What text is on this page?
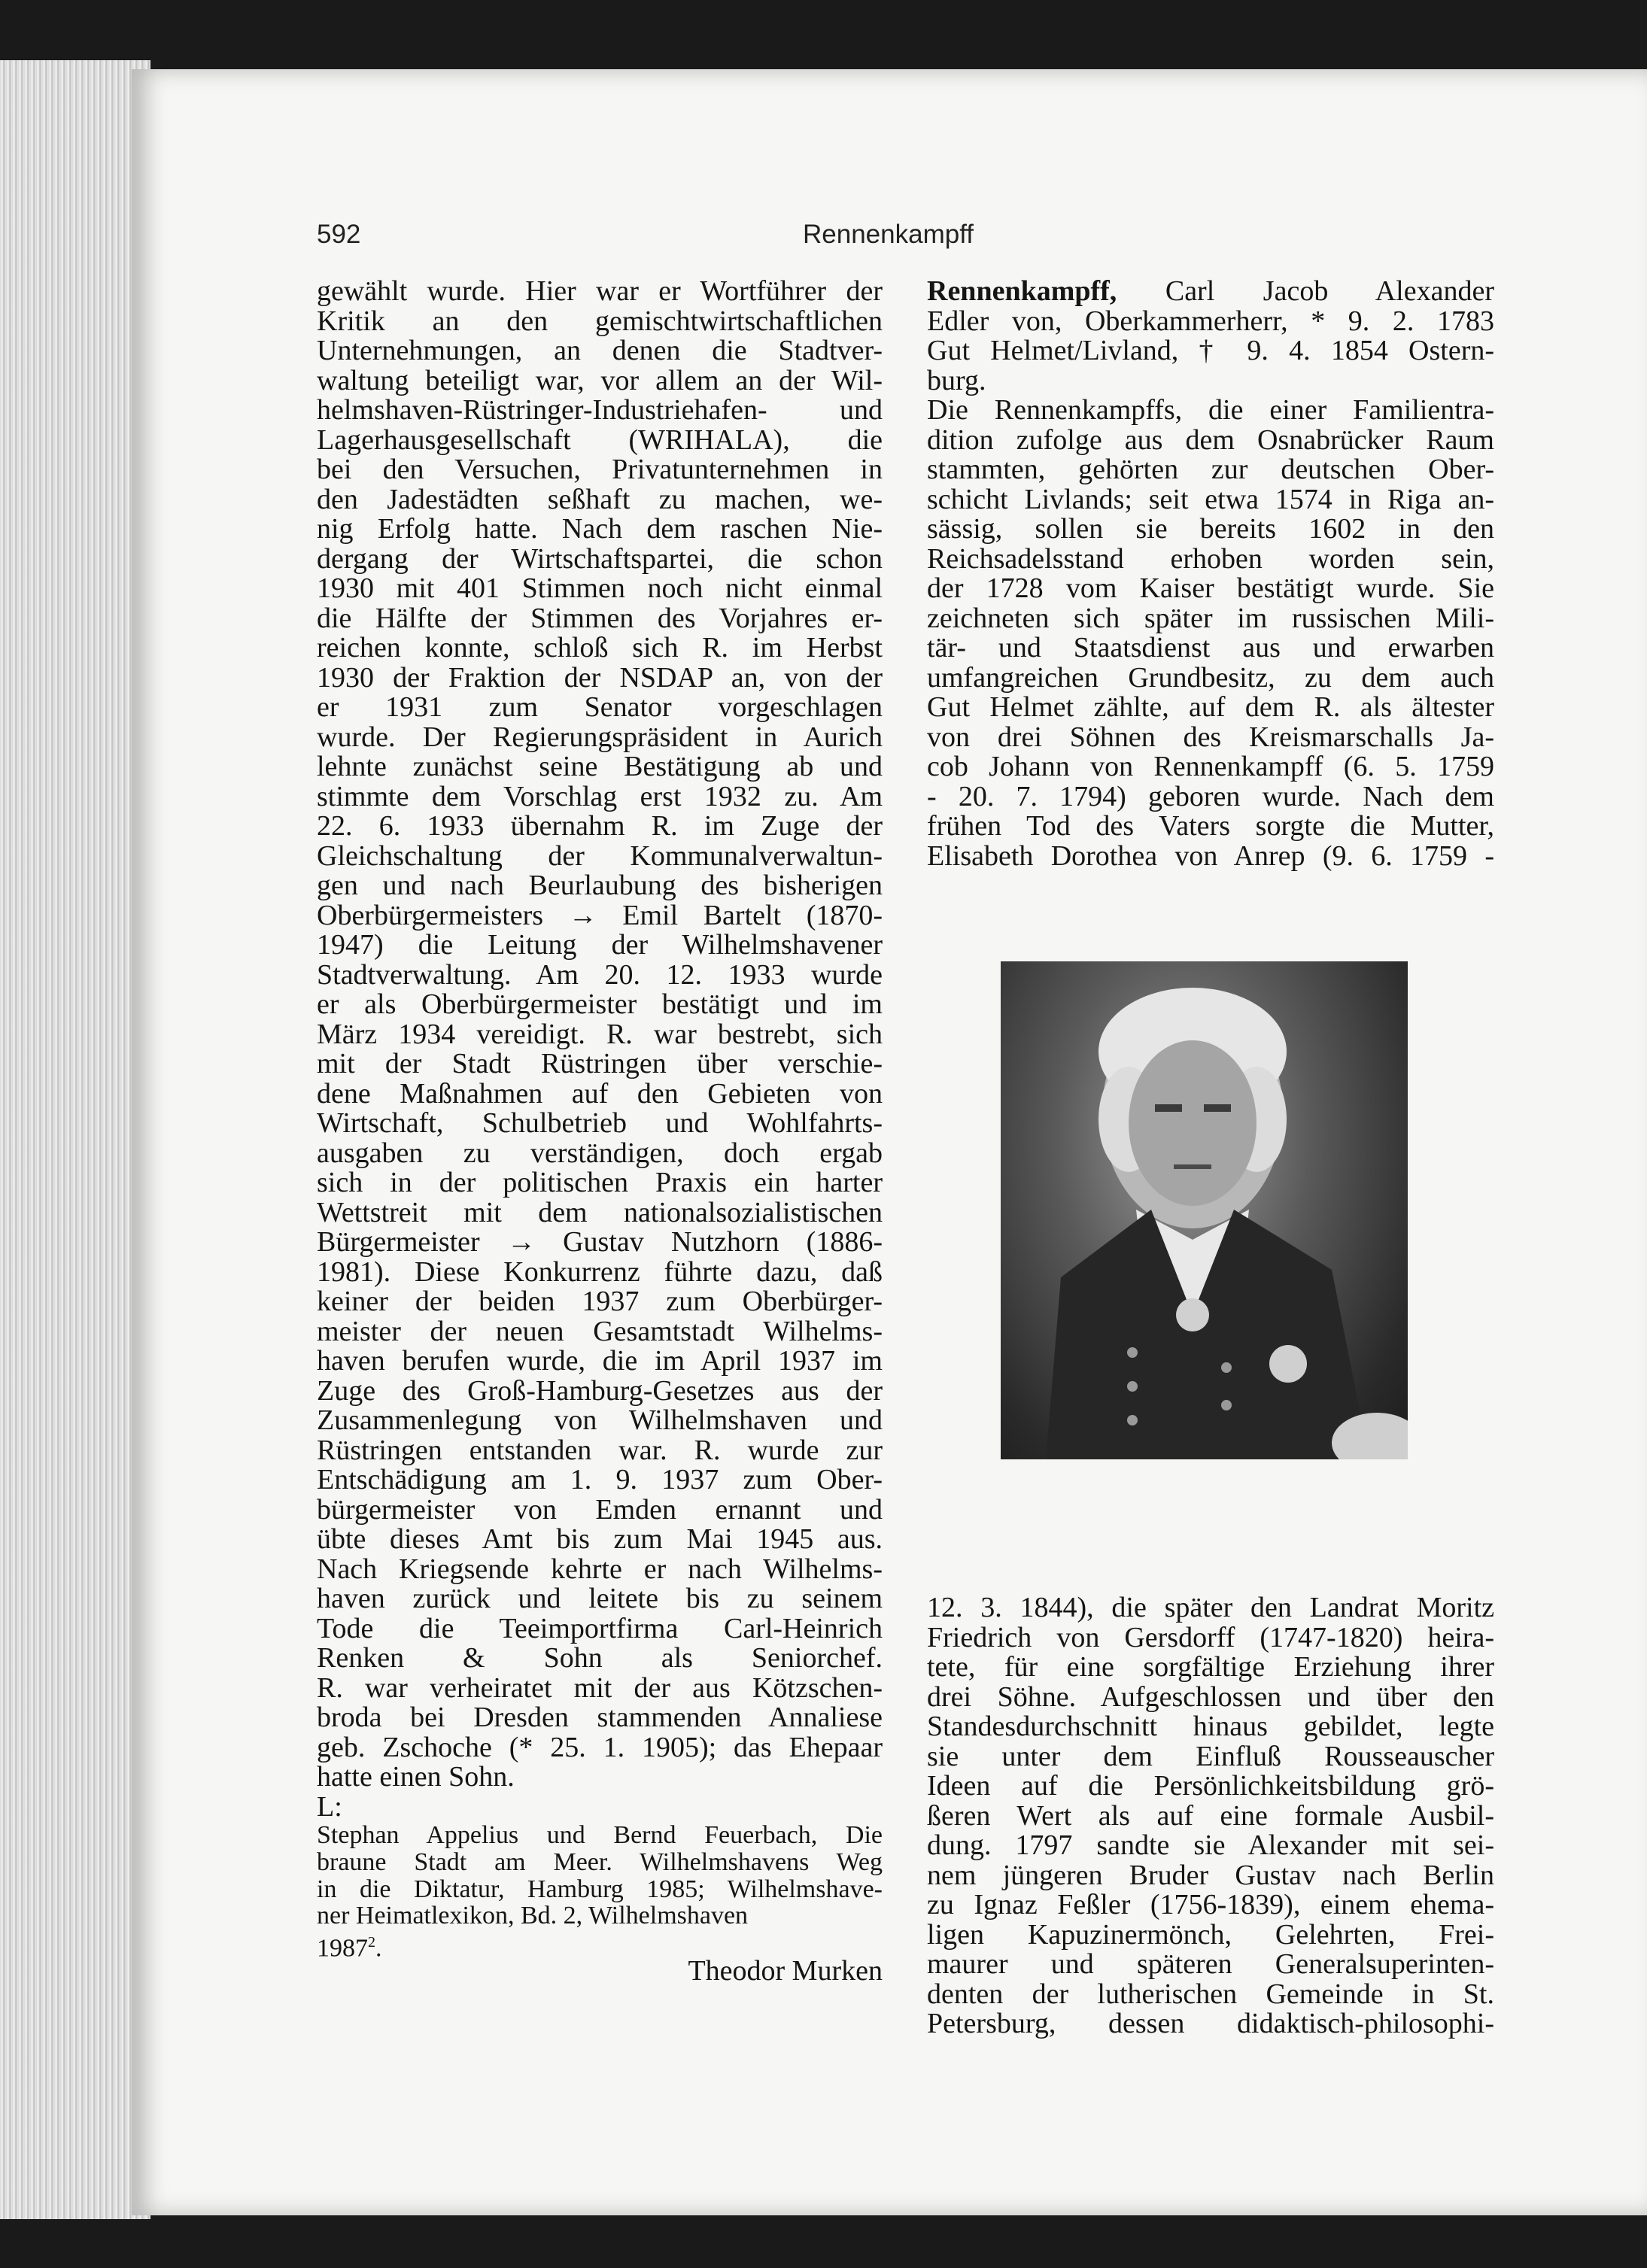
592	Rennenkampff
gewählt wurde. Hier war er Wortführer der
Kritik an den gemischtwirtschaftlichen
Unternehmungen, an denen die Stadtver-
waltung beteiligt war, vor allem an der Wil-
helmshaven-Rüstringer-Industriehafen- und
Lagerhausgesellschaft (WRIHALA), die
bei den Versuchen, Privatunternehmen in
den Jadestädten seßhaft zu machen, we-
nig Erfolg hatte. Nach dem raschen Nie-
dergang der Wirtschaftspartei, die schon
1930 mit 401 Stimmen noch nicht einmal
die Hälfte der Stimmen des Vorjahres er-
reichen konnte, schloß sich R. im Herbst
1930 der Fraktion der NSDAP an, von der
er 1931 zum Senator vorgeschlagen
wurde. Der Regierungspräsident in Aurich
lehnte zunächst seine Bestätigung ab und
stimmte dem Vorschlag erst 1932 zu. Am
22. 6. 1933 übernahm R. im Zuge der
Gleichschaltung der Kommunalverwaltun-
gen und nach Beurlaubung des bisherigen
Oberbürgermeisters → Emil Bartelt (1870-
1947) die Leitung der Wilhelmshavener
Stadtverwaltung. Am 20. 12. 1933 wurde
er als Oberbürgermeister bestätigt und im
März 1934 vereidigt. R. war bestrebt, sich
mit der Stadt Rüstringen über verschie-
dene Maßnahmen auf den Gebieten von
Wirtschaft, Schulbetrieb und Wohlfahrts-
ausgaben zu verständigen, doch ergab
sich in der politischen Praxis ein harter
Wettstreit mit dem nationalsozialistischen
Bürgermeister → Gustav Nutzhorn (1886-
1981). Diese Konkurrenz führte dazu, daß
keiner der beiden 1937 zum Oberbürger-
meister der neuen Gesamtstadt Wilhelms-
haven berufen wurde, die im April 1937 im
Zuge des Groß-Hamburg-Gesetzes aus der
Zusammenlegung von Wilhelmshaven und
Rüstringen entstanden war. R. wurde zur
Entschädigung am 1. 9. 1937 zum Ober-
bürgermeister von Emden ernannt und
übte dieses Amt bis zum Mai 1945 aus.
Nach Kriegsende kehrte er nach Wilhelms-
haven zurück und leitete bis zu seinem
Tode die Teeimportfirma Carl-Heinrich
Renken & Sohn als Seniorchef.
R. war verheiratet mit der aus Kötzschen-
broda bei Dresden stammenden Annaliese
geb. Zschoche (* 25. 1. 1905); das Ehepaar
hatte einen Sohn.
L:
Stephan Appelius und Bernd Feuerbach, Die
braune Stadt am Meer. Wilhelmshavens Weg
in die Diktatur, Hamburg 1985; Wilhelmshave-
ner Heimatlexikon, Bd. 2, Wilhelmshaven
1987$^2$.
Theodor Murken
Rennenkampff, Carl Jacob Alexander
Edler von, Oberkammerherr, * 9. 2. 1783
Gut Helmet/Livland, † 9. 4. 1854 Ostern-
burg.
Die Rennenkampffs, die einer Familientra-
dition zufolge aus dem Osnabrücker Raum
stammten, gehörten zur deutschen Ober-
schicht Livlands; seit etwa 1574 in Riga an-
sässig, sollen sie bereits 1602 in den
Reichsadelsstand erhoben worden sein,
der 1728 vom Kaiser bestätigt wurde. Sie
zeichneten sich später im russischen Mili-
tär- und Staatsdienst aus und erwarben
umfangreichen Grundbesitz, zu dem auch
Gut Helmet zählte, auf dem R. als ältester
von drei Söhnen des Kreismarschalls Ja-
cob Johann von Rennenkampff (6. 5. 1759
- 20. 7. 1794) geboren wurde. Nach dem
frühen Tod des Vaters sorgte die Mutter,
Elisabeth Dorothea von Anrep (9. 6. 1759 -
12. 3. 1844), die später den Landrat Moritz
Friedrich von Gersdorff (1747-1820) heira-
tete, für eine sorgfältige Erziehung ihrer
drei Söhne. Aufgeschlossen und über den
Standesdurchschnitt hinaus gebildet, legte
sie unter dem Einfluß Rousseauscher
Ideen auf die Persönlichkeitsbildung grö-
ßeren Wert als auf eine formale Ausbil-
dung. 1797 sandte sie Alexander mit sei-
nem jüngeren Bruder Gustav nach Berlin
zu Ignaz Feßler (1756-1839), einem ehema-
ligen Kapuzinermönch, Gelehrten, Frei-
maurer und späteren Generalsuperinten-
denten der lutherischen Gemeinde in St.
Petersburg, dessen didaktisch-philosophi-
